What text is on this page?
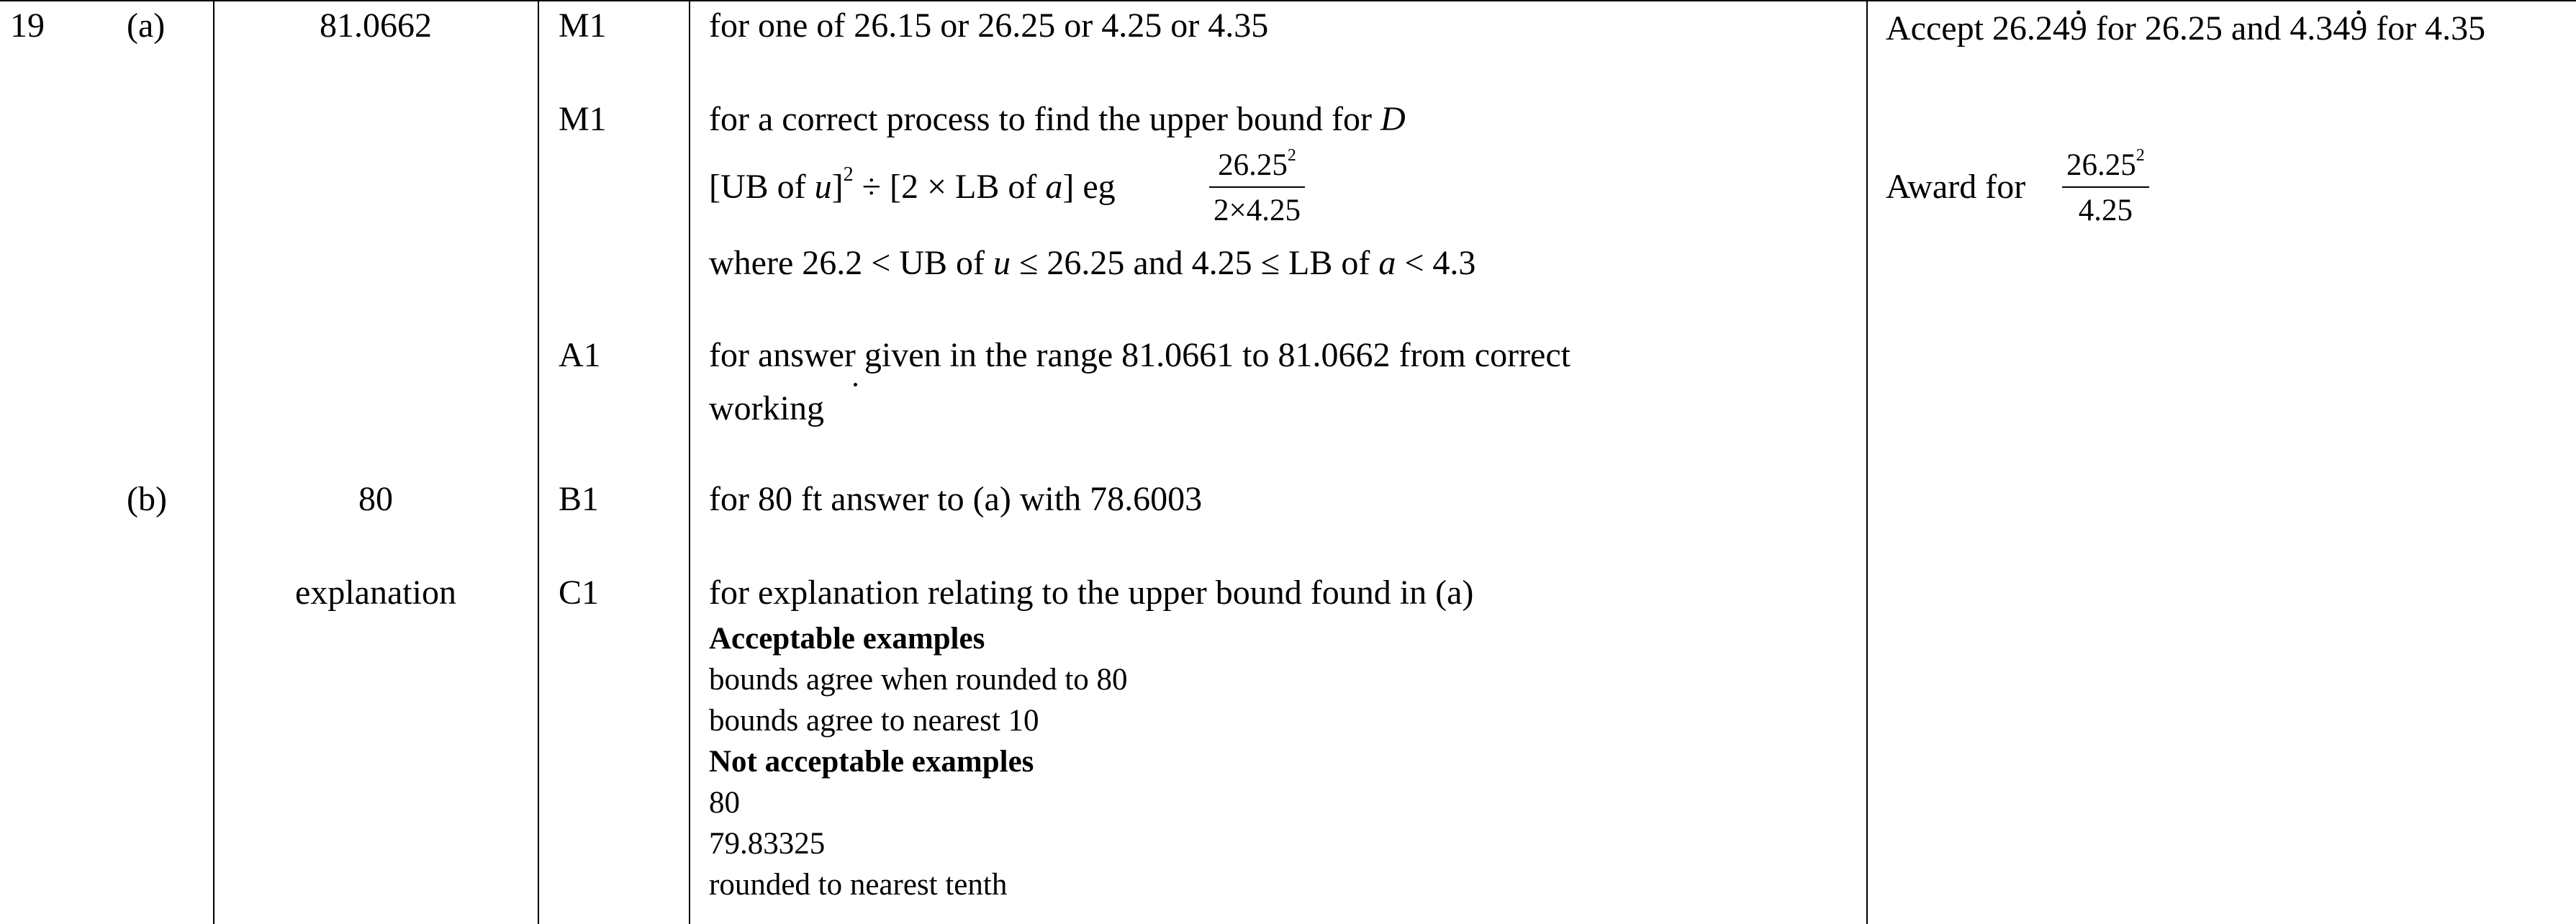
19 (a)
(b)
81.0662
80
explanation
M1
M1
A1
B1
C1
for one of 26.15 or 26.25 or 4.25 or 4.35
for a correct process to find the upper bound for D
[UB of u]$^2$ ÷ [2 × LB of a] eg	$\frac{26.25^2}{2\times 4.25}$
where 26.2 < UB of u ≤ 26.25 and 4.25 ≤ LB of a < 4.3
for answer given in the range 81.0661 to 81.0662 from correct
working
for 80 ft answer to (a) with 78.6003
for explanation relating to the upper bound found in (a)
Acceptable examples
bounds agree when rounded to 80
bounds agree to nearest 10
Not acceptable examples
80
79.83325
rounded to nearest tenth
Accept 26.249 · for 26.25 and 4.349 · for 4.35
Award for $\frac{26.25^2}{4.25}$
